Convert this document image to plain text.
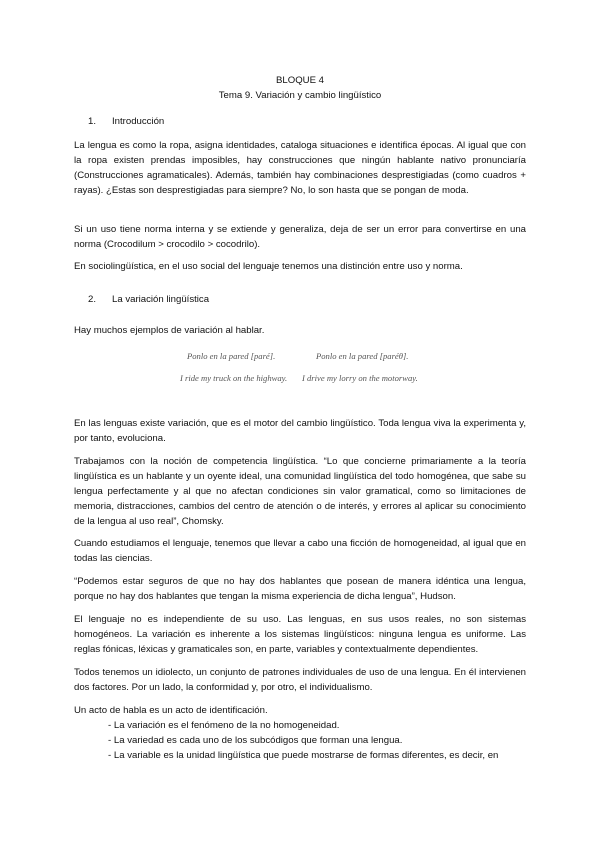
BLOQUE 4
Tema 9. Variación y cambio lingüístico
1. Introducción
La lengua es como la ropa, asigna identidades, cataloga situaciones e identifica épocas. Al igual que con la ropa existen prendas imposibles, hay construcciones que ningún hablante nativo pronunciaría (Construcciones agramaticales). Además, también hay combinaciones desprestigiadas (como cuadros + rayas). ¿Estas son desprestigiadas para siempre? No, lo son hasta que se pongan de moda.
Si un uso tiene norma interna y se extiende y generaliza, deja de ser un error para convertirse en una norma (Crocodilum > crocodilo > cocodrilo).
En sociolingüística, en el uso social del lenguaje tenemos una distinción entre uso y norma.
2. La variación lingüística
Hay muchos ejemplos de variación al hablar.
Ponlo en la pared [paré].	Ponlo en la pared [paréθ].
I ride my truck on the highway. I drive my lorry on the motorway.
En las lenguas existe variación, que es el motor del cambio lingüístico. Toda lengua viva la experimenta y, por tanto, evoluciona.
Trabajamos con la noción de competencia lingüística. “Lo que concierne primariamente a la teoría lingüística es un hablante y un oyente ideal, una comunidad lingüística del todo homogénea, que sabe su lengua perfectamente y al que no afectan condiciones sin valor gramatical, como so limitaciones de memoria, distracciones, cambios del centro de atención o de interés, y errores al aplicar su conocimiento de la lengua al uso real”, Chomsky.
Cuando estudiamos el lenguaje, tenemos que llevar a cabo una ficción de homogeneidad, al igual que en todas las ciencias.
“Podemos estar seguros de que no hay dos hablantes que posean de manera idéntica una lengua, porque no hay dos hablantes que tengan la misma experiencia de dicha lengua”, Hudson.
El lenguaje no es independiente de su uso. Las lenguas, en sus usos reales, no son sistemas homogéneos. La variación es inherente a los sistemas lingüísticos: ninguna lengua es uniforme. Las reglas fónicas, léxicas y gramaticales son, en parte, variables y contextualmente dependientes.
Todos tenemos un idiolecto, un conjunto de patrones individuales de uso de una lengua. En él intervienen dos factores. Por un lado, la conformidad y, por otro, el individualismo.
Un acto de habla es un acto de identificación.
- La variación es el fenómeno de la no homogeneidad.
- La variedad es cada uno de los subcódigos que forman una lengua.
- La variable es la unidad lingüística que puede mostrarse de formas diferentes, es decir, en
